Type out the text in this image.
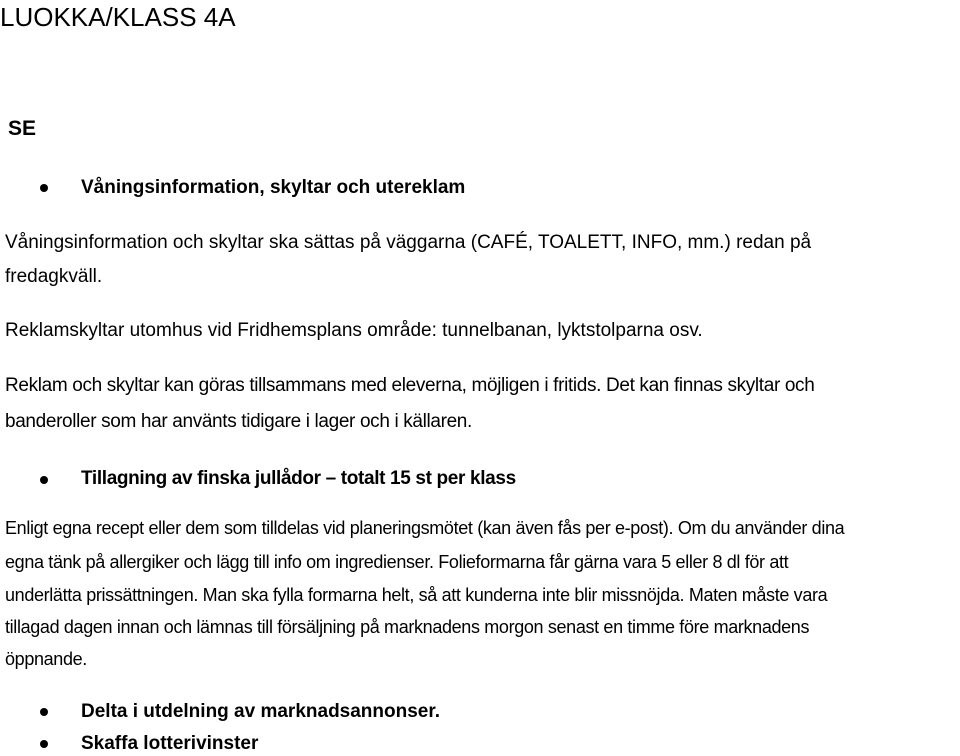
LUOKKA/KLASS 4A
SE
Våningsinformation, skyltar och utereklam
Våningsinformation och skyltar ska sättas på väggarna (CAFÉ, TOALETT, INFO, mm.) redan på
fredagkväll.
Reklamskyltar utomhus vid Fridhemsplans område: tunnelbanan, lyktstolparna osv.
Reklam och skyltar kan göras tillsammans med eleverna, möjligen i fritids. Det kan finnas skyltar och
banderoller som har använts tidigare i lager och i källaren.
Tillagning av finska jullådor – totalt 15 st per klass
Enligt egna recept eller dem som tilldelas vid planeringsmötet (kan även fås per e-post). Om du använder dina
egna tänk på allergiker och lägg till info om ingredienser. Folieformarna får gärna vara 5 eller 8 dl för att
underlätta prissättningen. Man ska fylla formarna helt, så att kunderna inte blir missnöjda. Maten måste vara
tillagad dagen innan och lämnas till försäljning på marknadens morgon senast en timme före marknadens
öppnande.
Delta i utdelning av marknadsannonser.
Skaffa lotterivinster
